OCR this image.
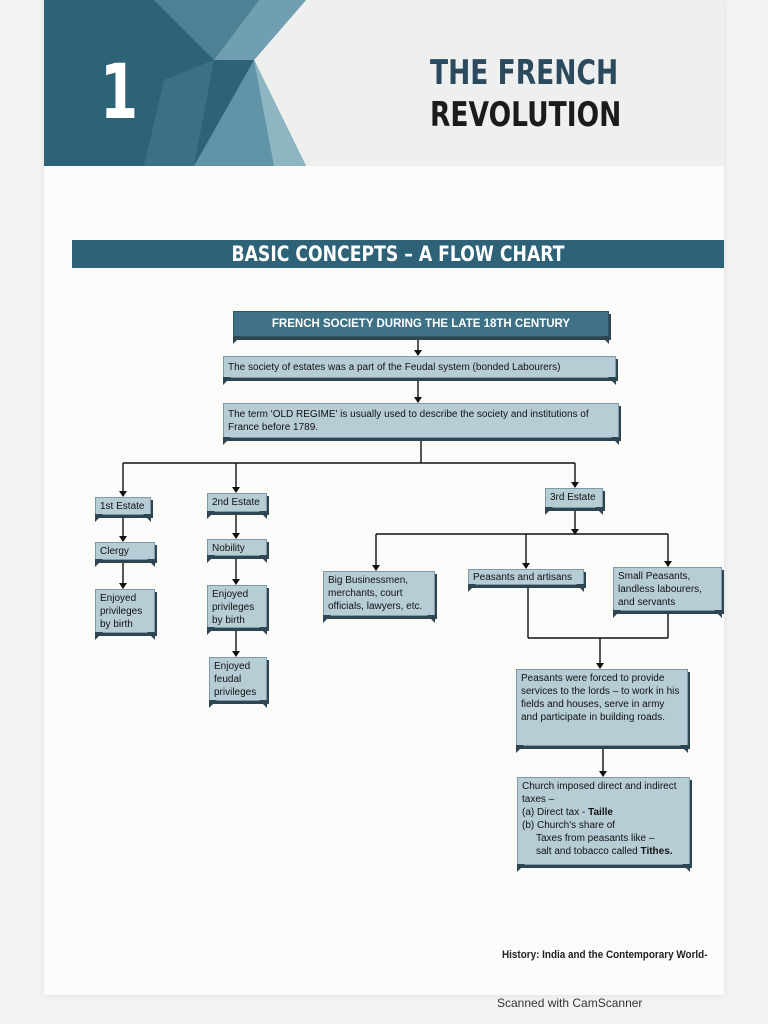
1	THE FRENCH
REVOLUTION
BASIC CONCEPTS – A FLOW CHART
FRENCH SOCIETY DURING THE LATE 18TH CENTURY
The society of estates was a part of the Feudal system (bonded Labourers)
The term 'OLD REGIME' is usually used to describe the society and institutions of France before 1789.
1st Estate
Clergy
Enjoyed privileges by birth
2nd Estate
Nobility
Enjoyed privileges by birth
Enjoyed feudal privileges
3rd Estate
Big Businessmen, merchants, court officials, lawyers, etc.
Peasants and artisans	Small Peasants, landless labourers, and servants
Peasants were forced to provide services to the lords – to work in his fields and houses, serve in army and participate in building roads.
Church imposed direct and indirect taxes –
(a) Direct tax - Taille
(b) Church's share of

Taxes from peasants like –
salt and tobacco called Tithes.
History: India and the Contemporary World-
Scanned with CamScanner
